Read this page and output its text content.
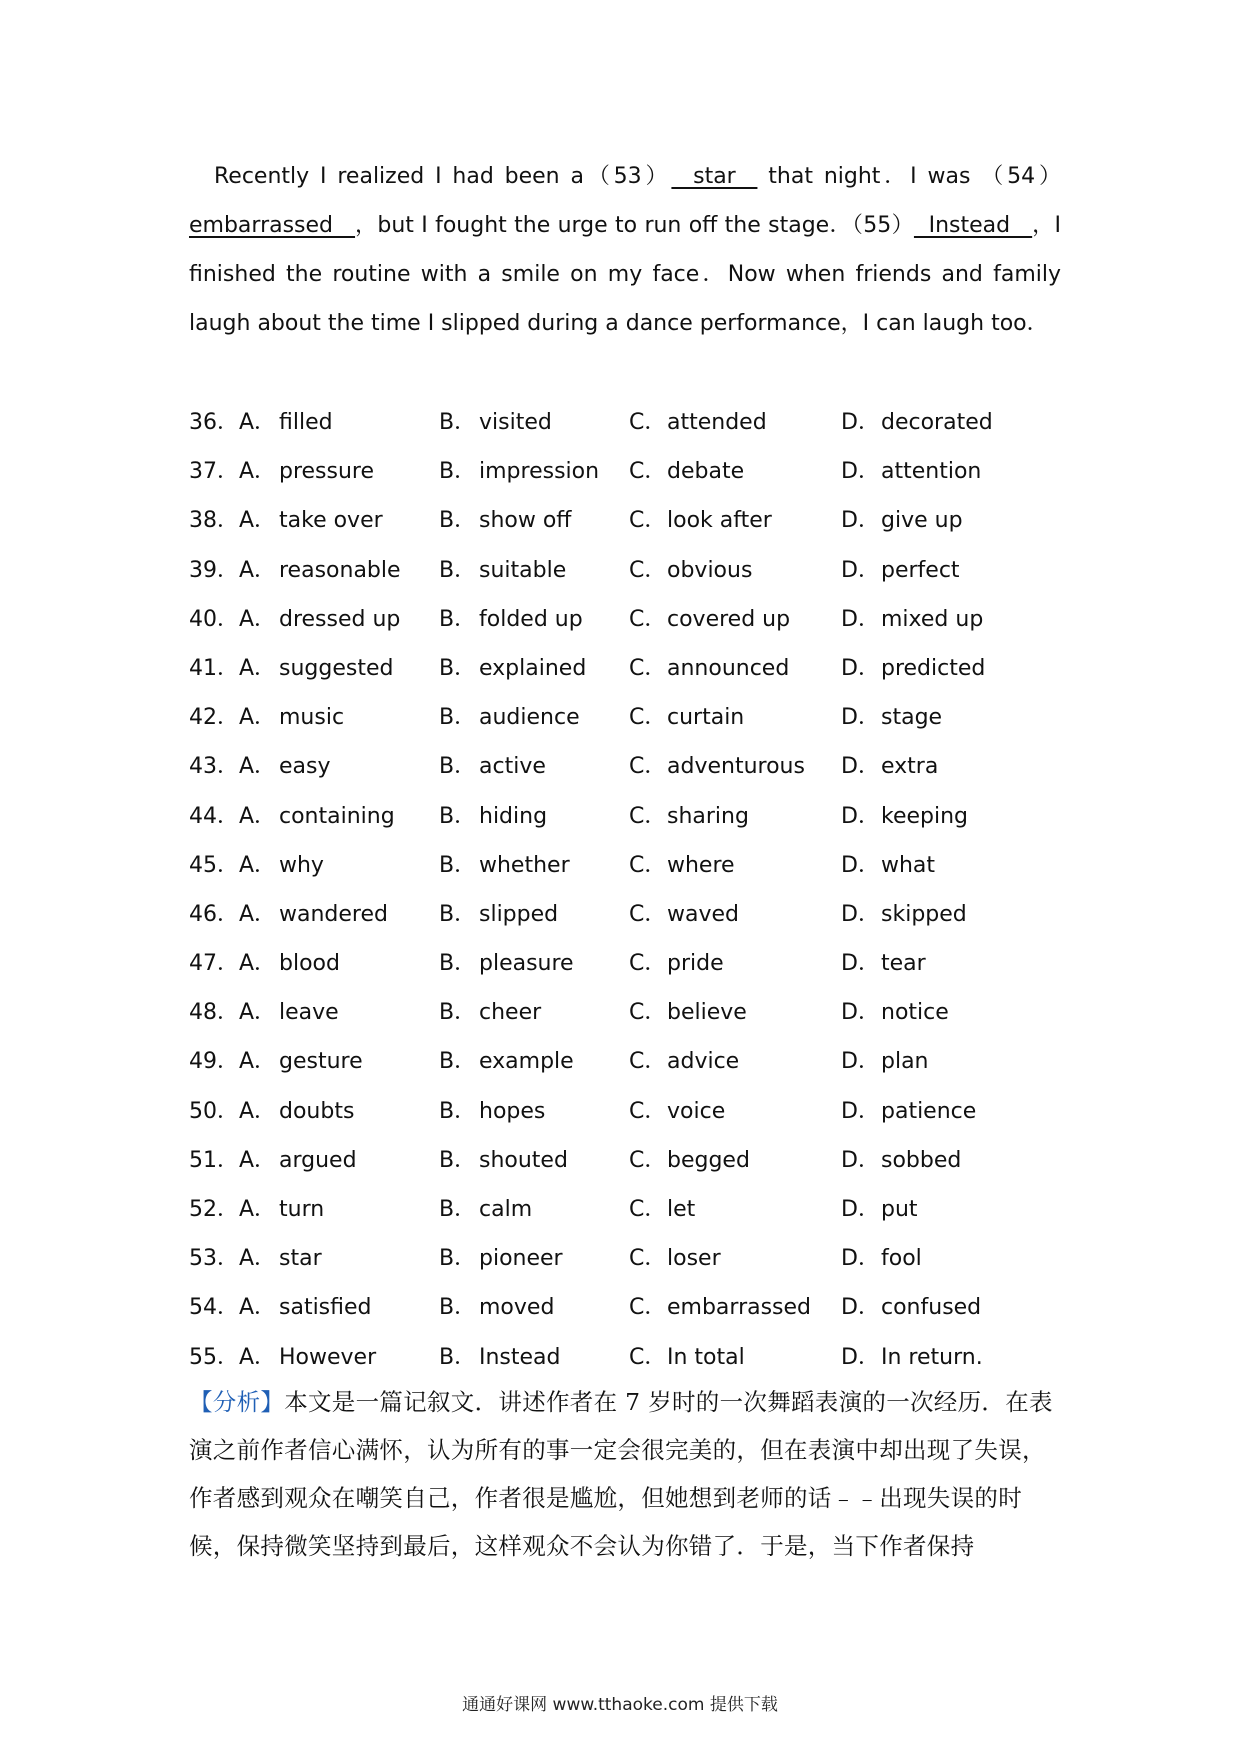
Recently I realized I had been a（53）  star   that night．I was （54）embarrassed   ，but I fought the urge to run off the stage．（55）  Instead   ，I finished the routine with a smile on my face．Now when friends and family laugh about the time I slipped during a dance performance，I can laugh too．

36． A． filled	B． visited	C． attended	D． decorated
37． A． pressure	B． impression C． debate	D． attention
38． A． take over	B． show off	C． look after	D． give up
39． A． reasonable B． suitable	C． obvious	D． perfect
40． A． dressed up B． folded up C． covered up D． mixed up
41． A． suggested B． explained C． announced D． predicted
42． A． music	B． audience C． curtain	D． stage
43． A． easy	B． active	C． adventurous D． extra
44． A． containing B． hiding	C． sharing	D． keeping
45． A． why	B． whether	C． where	D． what
46． A． wandered B． slipped	C． waved	D． skipped
47． A． blood	B． pleasure	C． pride	D． tear
48． A． leave	B． cheer	C． believe	D． notice
49． A． gesture	B． example	C． advice	D． plan
50． A． doubts	B． hopes	C． voice	D． patience
51． A． argued	B． shouted	C． begged	D． sobbed
52． A． turn	B． calm	C． let	D． put
53． A． star	B． pioneer	C． loser	D． fool
54． A． satisfied	B． moved	C． embarrassed D． confused
55． A． However	B． Instead	C． In total	D． In return.

【分析】本文是一篇记叙文．讲述作者在 7 岁时的一次舞蹈表演的一次经历．在表演之前作者信心满怀，认为所有的事一定会很完美的，但在表演中却出现了失误，作者感到观众在嘲笑自己，作者很是尴尬，但她想到老师的话﹣﹣出现失误的时候，保持微笑坚持到最后，这样观众不会认为你错了．于是，当下作者保持

通通好课网 www.tthaoke.com 提供下载
